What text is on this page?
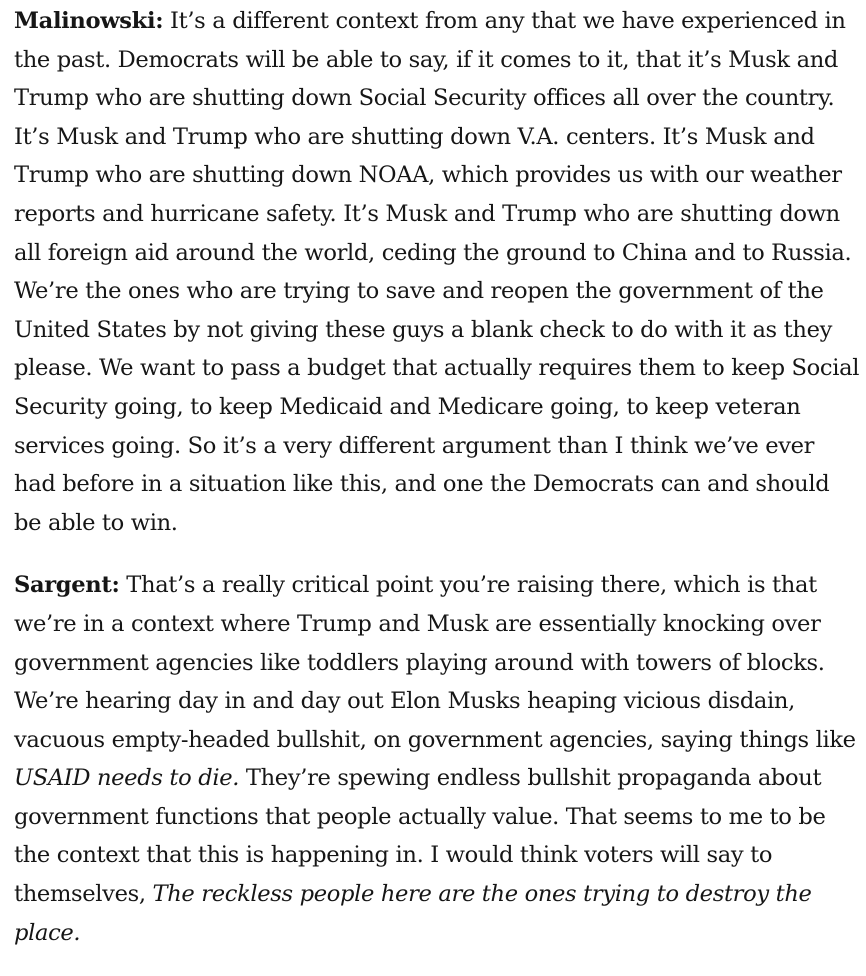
Malinowski: It’s a different context from any that we have experienced in the past. Democrats will be able to say, if it comes to it, that it’s Musk and Trump who are shutting down Social Security offices all over the country. It’s Musk and Trump who are shutting down V.A. centers. It’s Musk and Trump who are shutting down NOAA, which provides us with our weather reports and hurricane safety. It’s Musk and Trump who are shutting down all foreign aid around the world, ceding the ground to China and to Russia. We’re the ones who are trying to save and reopen the government of the United States by not giving these guys a blank check to do with it as they please. We want to pass a budget that actually requires them to keep Social Security going, to keep Medicaid and Medicare going, to keep veteran services going. So it’s a very different argument than I think we’ve ever had before in a situation like this, and one the Democrats can and should be able to win.

Sargent: That’s a really critical point you’re raising there, which is that we’re in a context where Trump and Musk are essentially knocking over government agencies like toddlers playing around with towers of blocks. We’re hearing day in and day out Elon Musks heaping vicious disdain, vacuous empty-headed bullshit, on government agencies, saying things like USAID needs to die. They’re spewing endless bullshit propaganda about government functions that people actually value. That seems to me to be the context that this is happening in. I would think voters will say to themselves, The reckless people here are the ones trying to destroy the place.
